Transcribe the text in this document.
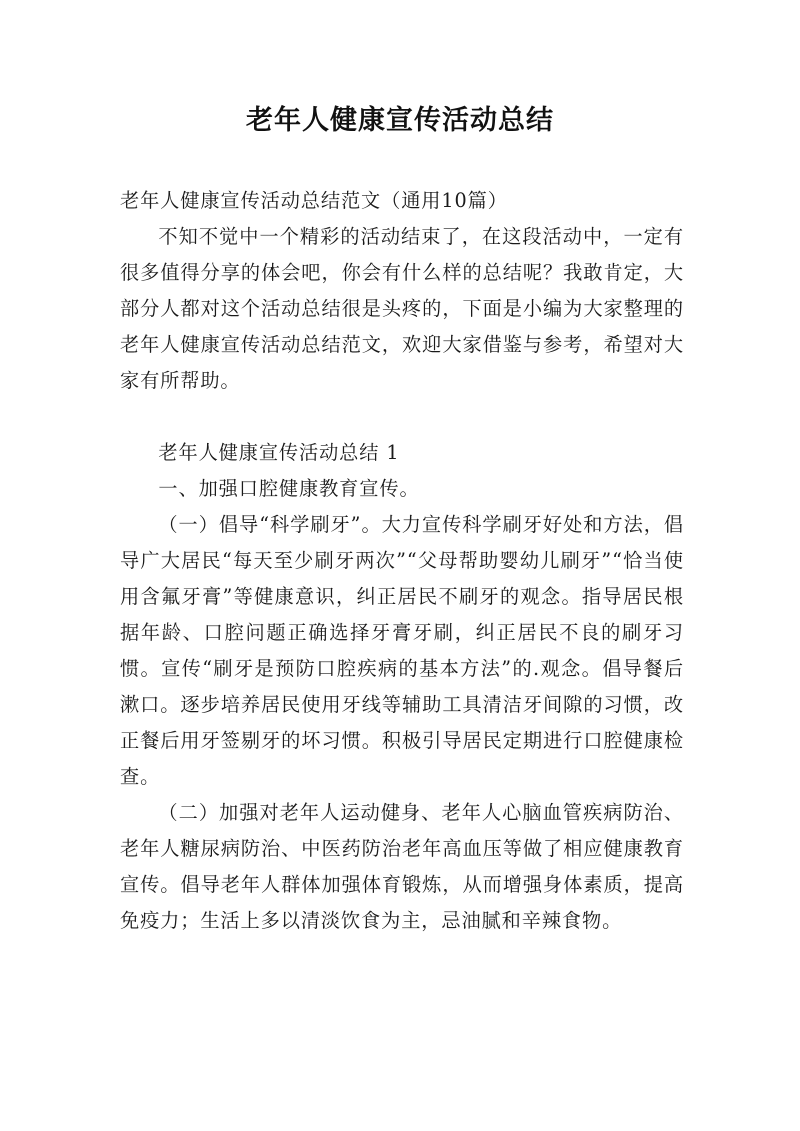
老年人健康宣传活动总结

老年人健康宣传活动总结范文（通用10篇）

不知不觉中一个精彩的活动结束了，在这段活动中，一定有很多值得分享的体会吧，你会有什么样的总结呢？我敢肯定，大部分人都对这个活动总结很是头疼的，下面是小编为大家整理的老年人健康宣传活动总结范文，欢迎大家借鉴与参考，希望对大家有所帮助。

老年人健康宣传活动总结 1

一、加强口腔健康教育宣传。

（一）倡导“科学刷牙”。大力宣传科学刷牙好处和方法，倡导广大居民“每天至少刷牙两次”“父母帮助婴幼儿刷牙”“恰当使用含氟牙膏”等健康意识，纠正居民不刷牙的观念。指导居民根据年龄、口腔问题正确选择牙膏牙刷，纠正居民不良的刷牙习惯。宣传“刷牙是预防口腔疾病的基本方法”的.观念。倡导餐后漱口。逐步培养居民使用牙线等辅助工具清洁牙间隙的习惯，改正餐后用牙签剔牙的坏习惯。积极引导居民定期进行口腔健康检查。

（二）加强对老年人运动健身、老年人心脑血管疾病防治、老年人糖尿病防治、中医药防治老年高血压等做了相应健康教育宣传。倡导老年人群体加强体育锻炼，从而增强身体素质，提高免疫力；生活上多以清淡饮食为主，忌油腻和辛辣食物。
